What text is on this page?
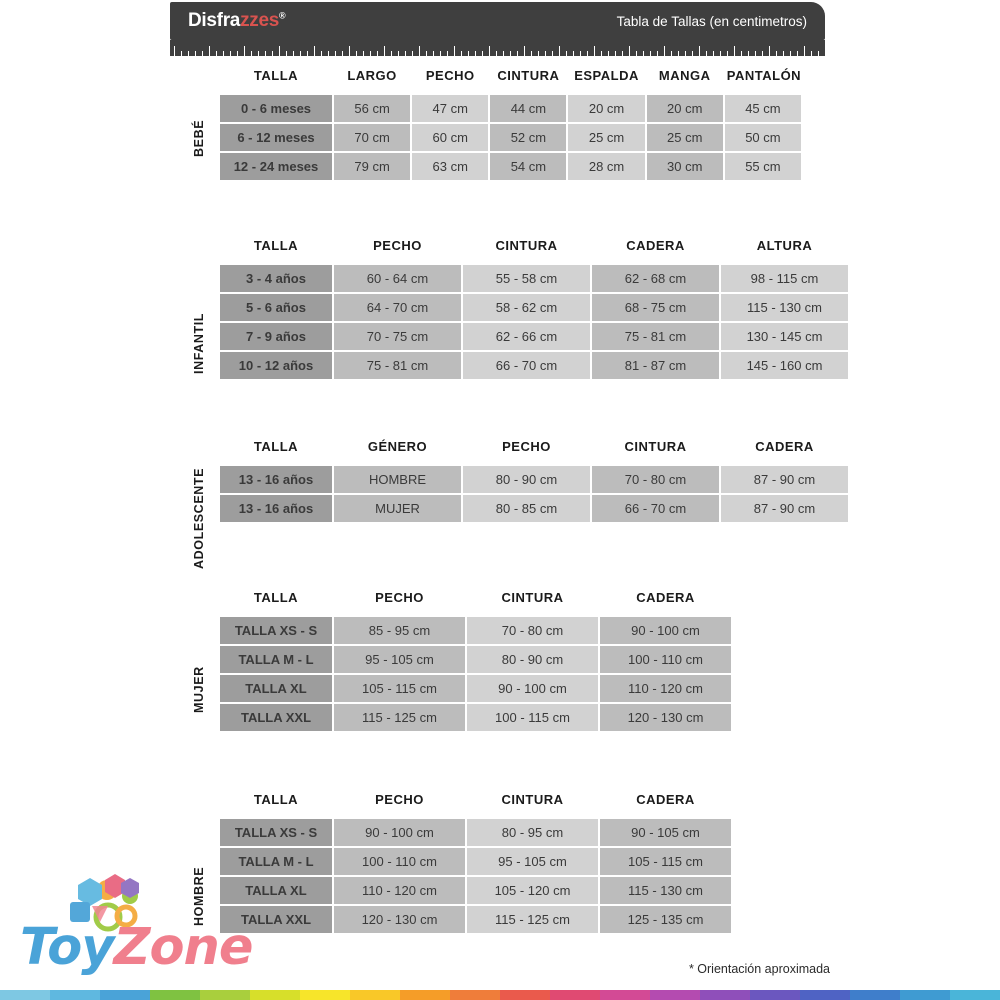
Disfrazzes®	Tabla de Tallas (en centimetros)
BEBÉ
TALLA	LARGO	PECHO	CINTURA	ESPALDA	MANGA	PANTALÓN
0 - 6 meses	56 cm	47 cm	44 cm	20 cm	20 cm	45 cm
6 - 12 meses	70 cm	60 cm	52 cm	25 cm	25 cm	50 cm
12 - 24 meses	79 cm	63 cm	54 cm	28 cm	30 cm	55 cm
INFANTIL
TALLA	PECHO	CINTURA	CADERA	ALTURA
3 - 4 años	60 - 64 cm	55 - 58 cm	62 - 68 cm	98 - 115 cm
5 - 6 años	64 - 70 cm	58 - 62 cm	68 - 75 cm	115 - 130 cm
7 - 9 años	70 - 75 cm	62 - 66 cm	75 - 81 cm	130 - 145 cm
10 - 12 años	75 - 81 cm	66 - 70 cm	81 - 87 cm	145 - 160 cm
ADOLESCENTE
TALLA	GÉNERO	PECHO	CINTURA	CADERA
13 - 16 años	HOMBRE	80 - 90 cm	70 - 80 cm	87 - 90 cm
13 - 16 años	MUJER	80 - 85 cm	66 - 70 cm	87 - 90 cm
MUJER
TALLA	PECHO	CINTURA	CADERA
TALLA XS - S	85 - 95 cm	70 - 80 cm	90 - 100 cm
TALLA M - L	95 - 105 cm	80 - 90 cm	100 - 110 cm
TALLA XL	105 - 115 cm	90 - 100 cm	110 - 120 cm
TALLA XXL	115 - 125 cm	100 - 115 cm	120 - 130 cm
HOMBRE
TALLA	PECHO	CINTURA	CADERA
TALLA XS - S	90 - 100 cm	80 - 95 cm	90 - 105 cm
TALLA M - L	100 - 110 cm	95 - 105 cm	105 - 115 cm
TALLA XL	110 - 120 cm	105 - 120 cm	115 - 130 cm
TALLA XXL	120 - 130 cm	115 - 125 cm	125 - 135 cm
* Orientación aproximada
ToyZone
